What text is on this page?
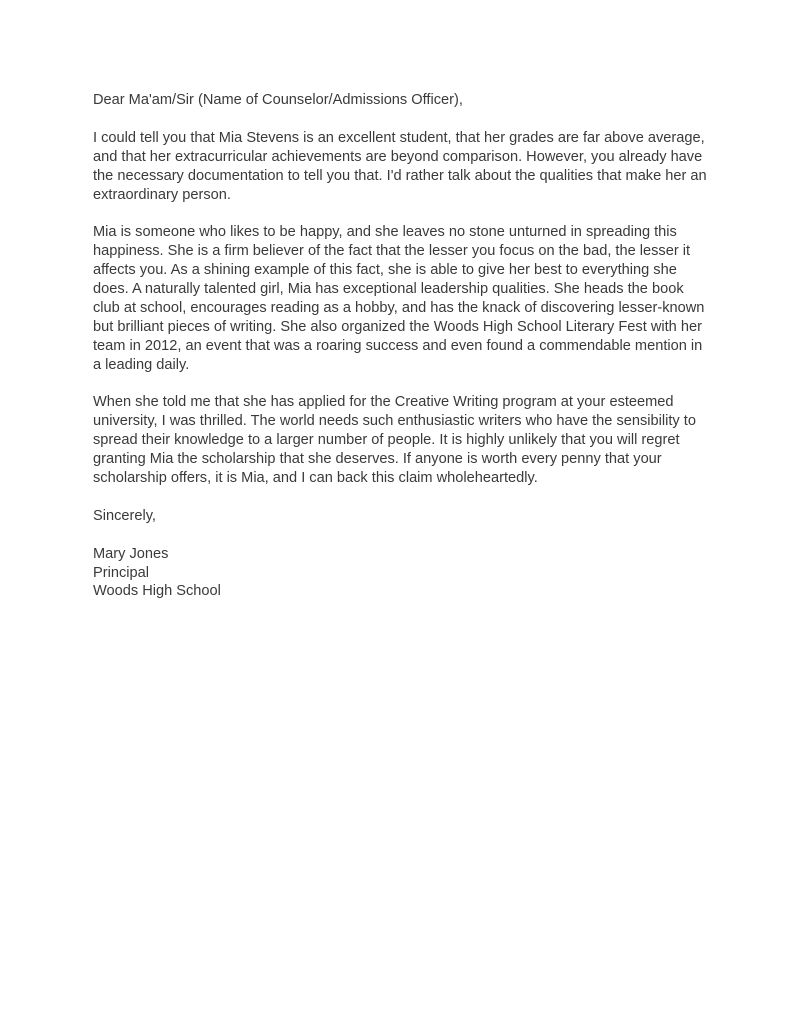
Dear Ma'am/Sir (Name of Counselor/Admissions Officer),

I could tell you that Mia Stevens is an excellent student, that her grades are far above average,
and that her extracurricular achievements are beyond comparison. However, you already have
the necessary documentation to tell you that. I'd rather talk about the qualities that make her an
extraordinary person.

Mia is someone who likes to be happy, and she leaves no stone unturned in spreading this
happiness. She is a firm believer of the fact that the lesser you focus on the bad, the lesser it
affects you. As a shining example of this fact, she is able to give her best to everything she
does. A naturally talented girl, Mia has exceptional leadership qualities. She heads the book
club at school, encourages reading as a hobby, and has the knack of discovering lesser-known
but brilliant pieces of writing. She also organized the Woods High School Literary Fest with her
team in 2012, an event that was a roaring success and even found a commendable mention in
a leading daily.

When she told me that she has applied for the Creative Writing program at your esteemed
university, I was thrilled. The world needs such enthusiastic writers who have the sensibility to
spread their knowledge to a larger number of people. It is highly unlikely that you will regret
granting Mia the scholarship that she deserves. If anyone is worth every penny that your
scholarship offers, it is Mia, and I can back this claim wholeheartedly.

Sincerely,

Mary Jones
Principal
Woods High School
